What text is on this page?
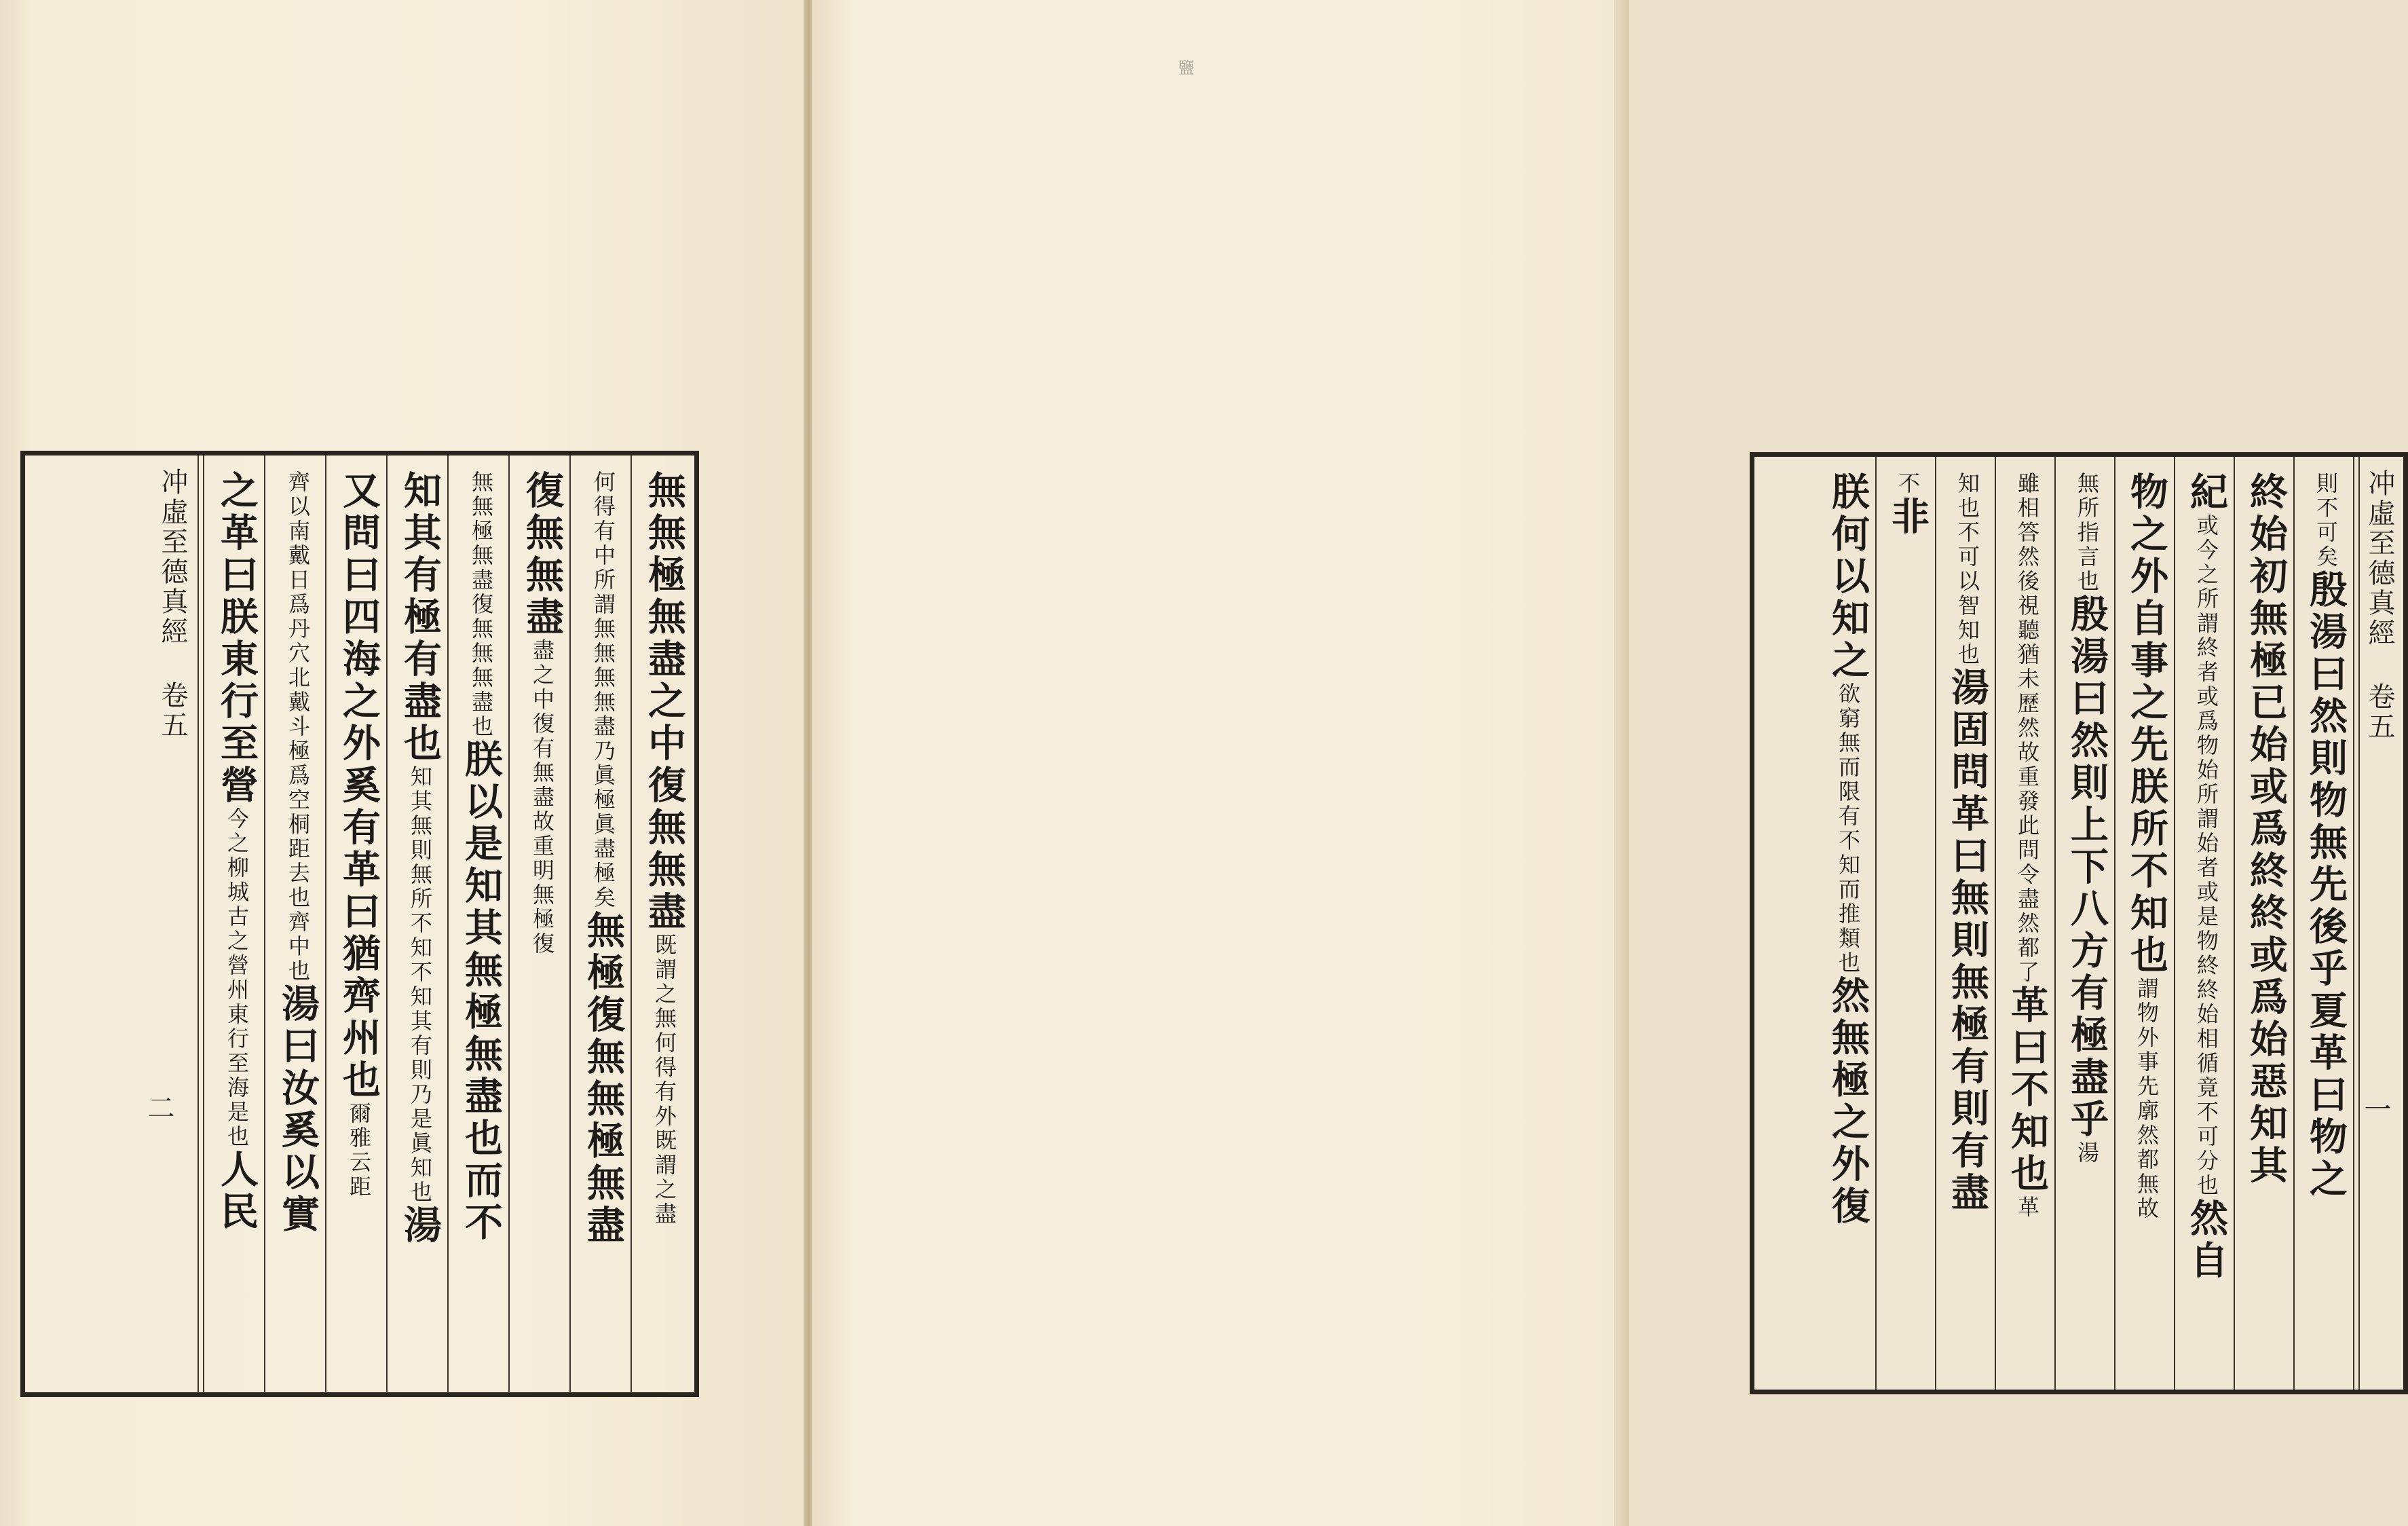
無無極無盡之中復無無盡既謂之無何得有外既謂之盡
何得有中所謂無無無無盡乃眞極眞盡極矣無極復無無極無盡
復無無盡盡之中復有無盡故重明無極復
無無極無盡復無無無盡也朕以是知其無極無盡也而不
知其有極有盡也知其無則無所不知不知其有則乃是眞知也湯
又問曰四海之外奚有革曰猶齊州也爾雅云距
齊以南戴日爲丹穴北戴斗極爲空桐距去也齊中也湯曰汝奚以實
之革曰朕東行至營今之柳城古之營州東行至海是也人民
冲虛至德真經 卷五
二
鹽
冲虛至德真經 卷五
一
則不可矣殷湯曰然則物無先後乎夏革曰物之
終始初無極已始或爲終終或爲始惡知其
紀或今之所謂終者或爲物始所謂始者或是物終終始相循竟不可分也然自
物之外自事之先朕所不知也謂物外事先廓然都無故
無所指言也殷湯曰然則上下八方有極盡乎湯
雖相答然後視聽猶未歷然故重發此問令盡然都了革曰不知也革
知也不可以智知也湯固問革曰無則無極有則有盡
不非
朕何以知之欲窮無而限有不知而推類也然無極之外復
